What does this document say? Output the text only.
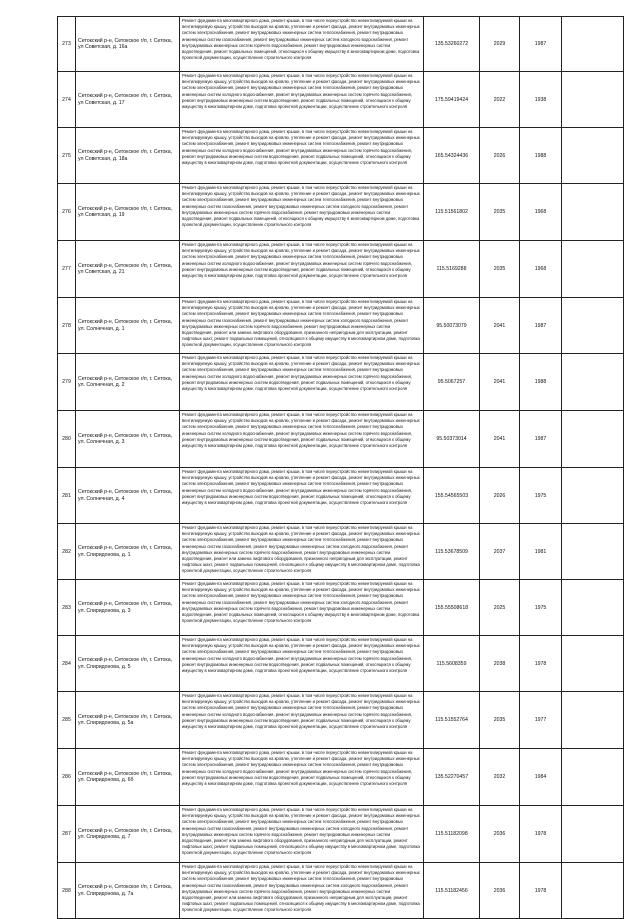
273	Сетокский р-н, Сетокское г/п, г. Сетока, ул Советская, д. 16а	Ремонт фундамента многоквартирного дома, ремонт крыши, в том числе переустройство невентилируемой крыши на вентилируемую крышу, устройство выходов на кровлю, утепление и ремонт фасада, ремонт внутридомовых инженерных систем электроснабжения, ремонт внутридомовых инженерных систем теплоснабжения, ремонт внутридомовых инженерных систем газоснабжения, ремонт внутридомовых инженерных систем холодного водоснабжения, ремонт внутридомовых инженерных систем горячего водоснабжения, ремонт внутридомовых инженерных систем водоотведения, ремонт подвальных помещений, относящихся к общему имуществу в многоквартирном доме, подготовка проектной документации, осуществление строительного контроля	135.53260272	2029	1987	
274	Сетокский р-н, Сетокское г/п, г. Сетока, ул Советская, д. 17	Ремонт фундамента многоквартирного дома, ремонт крыши, в том числе переустройство невентилируемой крыши на вентилируемую крышу, устройство выходов на кровлю, утепление и ремонт фасада, ремонт внутридомовых инженерных систем электроснабжения, ремонт внутридомовых инженерных систем теплоснабжения, ремонт внутридомовых инженерных систем холодного водоснабжения, ремонт внутридомовых инженерных систем горячего водоснабжения, ремонт внутридомовых инженерных систем водоотведения, ремонт подвальных помещений, относящихся к общему имуществу в многоквартирном доме, подготовка проектной документации, осуществление строительного контроля	175.59419424	2022	1938	
275	Сетокский р-н, Сетокское г/п, г. Сетока, ул Советская, д. 18а	Ремонт фундамента многоквартирного дома, ремонт крыши, в том числе переустройство невентилируемой крыши на вентилируемую крышу, устройство выходов на кровлю, утепление и ремонт фасада, ремонт внутридомовых инженерных систем электроснабжения, ремонт внутридомовых инженерных систем теплоснабжения, ремонт внутридомовых инженерных систем холодного водоснабжения, ремонт внутридомовых инженерных систем горячего водоснабжения, ремонт внутридомовых инженерных систем водоотведения, ремонт подвальных помещений, относящихся к общему имуществу в многоквартирном доме, подготовка проектной документации, осуществление строительного контроля	165.54324436	2026	1988	
276	Сетокский р-н, Сетокское г/п, г. Сетока, ул Советская, д. 19	Ремонт фундамента многоквартирного дома, ремонт крыши, в том числе переустройство невентилируемой крыши на вентилируемую крышу, устройство выходов на кровлю, утепление и ремонт фасада, ремонт внутридомовых инженерных систем электроснабжения, ремонт внутридомовых инженерных систем теплоснабжения, ремонт внутридомовых инженерных систем газоснабжения, ремонт внутридомовых инженерных систем холодного водоснабжения, ремонт внутридомовых инженерных систем горячего водоснабжения, ремонт внутридомовых инженерных систем водоотведения, ремонт подвальных помещений, относящихся к общему имуществу в многоквартирном доме, подготовка проектной документации, осуществление строительного контроля	115.51561802	2035	1968	
277	Сетокский р-н, Сетокское г/п, г. Сетока, ул Советская, д. 21	Ремонт фундамента многоквартирного дома, ремонт крыши, в том числе переустройство невентилируемой крыши на вентилируемую крышу, устройство выходов на кровлю, утепление и ремонт фасада, ремонт внутридомовых инженерных систем электроснабжения, ремонт внутридомовых инженерных систем теплоснабжения, ремонт внутридомовых инженерных систем холодного водоснабжения, ремонт внутридомовых инженерных систем горячего водоснабжения, ремонт внутридомовых инженерных систем водоотведения, ремонт подвальных помещений, относящихся к общему имуществу в многоквартирном доме, подготовка проектной документации, осуществление строительного контроля	115.5169288	2035	1968	
278	Сетокский р-н, Сетокское г/п, г. Сетока, ул. Солнечная, д. 1	Ремонт фундамента многоквартирного дома, ремонт крыши, в том числе переустройство невентилируемой крыши на вентилируемую крышу, устройство выходов на кровлю, утепление и ремонт фасада, ремонт внутридомовых инженерных систем электроснабжения, ремонт внутридомовых инженерных систем теплоснабжения, ремонт внутридомовых инженерных систем газоснабжения, ремонт внутридомовых инженерных систем холодного водоснабжения, ремонт внутридомовых инженерных систем горячего водоснабжения, ремонт внутридомовых инженерных систем водоотведения, ремонт или замена лифтового оборудования, признанного непригодным для эксплуатации, ремонт лифтовых шахт, ремонт подвальных помещений, относящихся к общему имуществу в многоквартирном доме, подготовка проектной документации, осуществление строительного контроля	95.50073079	2041	1987	
279	Сетокский р-н, Сетокское г/п, г. Сетока, ул. Солнечная, д. 2	Ремонт фундамента многоквартирного дома, ремонт крыши, в том числе переустройство невентилируемой крыши на вентилируемую крышу, устройство выходов на кровлю, утепление и ремонт фасада, ремонт внутридомовых инженерных систем электроснабжения, ремонт внутридомовых инженерных систем теплоснабжения, ремонт внутридомовых инженерных систем холодного водоснабжения, ремонт внутридомовых инженерных систем горячего водоснабжения, ремонт внутридомовых инженерных систем водоотведения, ремонт подвальных помещений, относящихся к общему имуществу в многоквартирном доме, подготовка проектной документации, осуществление строительного контроля	95.5067257	2041	1988	
280	Сетокский р-н, Сетокское г/п, г. Сетока, ул. Солнечная, д. 3	Ремонт фундамента многоквартирного дома, ремонт крыши, в том числе переустройство невентилируемой крыши на вентилируемую крышу, устройство выходов на кровлю, утепление и ремонт фасада, ремонт внутридомовых инженерных систем электроснабжения, ремонт внутридомовых инженерных систем теплоснабжения, ремонт внутридомовых инженерных систем холодного водоснабжения, ремонт внутридомовых инженерных систем горячего водоснабжения, ремонт внутридомовых инженерных систем водоотведения, ремонт подвальных помещений, относящихся к общему имуществу в многоквартирном доме, подготовка проектной документации, осуществление строительного контроля	95.50373014	2041	1987	
281	Сетокский р-н, Сетокское г/п, г. Сетока, ул. Солнечная, д. 4	Ремонт фундамента многоквартирного дома, ремонт крыши, в том числе переустройство невентилируемой крыши на вентилируемую крышу, устройство выходов на кровлю, утепление и ремонт фасада, ремонт внутридомовых инженерных систем электроснабжения, ремонт внутридомовых инженерных систем теплоснабжения, ремонт внутридомовых инженерных систем холодного водоснабжения, ремонт внутридомовых инженерных систем горячего водоснабжения, ремонт внутридомовых инженерных систем водоотведения, ремонт подвальных помещений, относящихся к общему имуществу в многоквартирном доме, подготовка проектной документации, осуществление строительного контроля	155.54565503	2026	1975	
282	Сетокский р-н, Сетокское г/п, г. Сетока, ул. Спиридонова, д. 1	Ремонт фундамента многоквартирного дома, ремонт крыши, в том числе переустройство невентилируемой крыши на вентилируемую крышу, устройство выходов на кровлю, утепление и ремонт фасада, ремонт внутридомовых инженерных систем электроснабжения, ремонт внутридомовых инженерных систем теплоснабжения, ремонт внутридомовых инженерных систем газоснабжения, ремонт внутридомовых инженерных систем холодного водоснабжения, ремонт внутридомовых инженерных систем горячего водоснабжения, ремонт внутридомовых инженерных систем водоотведения, ремонт или замена лифтового оборудования, признанного непригодным для эксплуатации, ремонт лифтовых шахт, ремонт подвальных помещений, относящихся к общему имуществу в многоквартирном доме, подготовка проектной документации, осуществление строительного контроля	115.53678509	2037	1981	
283	Сетокский р-н, Сетокское г/п, г. Сетока, ул. Спиридонова, д. 3	Ремонт фундамента многоквартирного дома, ремонт крыши, в том числе переустройство невентилируемой крыши на вентилируемую крышу, устройство выходов на кровлю, утепление и ремонт фасада, ремонт внутридомовых инженерных систем электроснабжения, ремонт внутридомовых инженерных систем теплоснабжения, ремонт внутридомовых инженерных систем газоснабжения, ремонт внутридомовых инженерных систем холодного водоснабжения, ремонт внутридомовых инженерных систем горячего водоснабжения, ремонт внутридомовых инженерных систем водоотведения, ремонт подвальных помещений, относящихся к общему имуществу в многоквартирном доме, подготовка проектной документации, осуществление строительного контроля	155.55508618	2025	1975	
284	Сетокский р-н, Сетокское г/п, г. Сетока, ул. Спиридонова, д. 5	Ремонт фундамента многоквартирного дома, ремонт крыши, в том числе переустройство невентилируемой крыши на вентилируемую крышу, устройство выходов на кровлю, утепление и ремонт фасада, ремонт внутридомовых инженерных систем электроснабжения, ремонт внутридомовых инженерных систем теплоснабжения, ремонт внутридомовых инженерных систем холодного водоснабжения, ремонт внутридомовых инженерных систем горячего водоснабжения, ремонт внутридомовых инженерных систем водоотведения, ремонт подвальных помещений, относящихся к общему имуществу в многоквартирном доме, подготовка проектной документации, осуществление строительного контроля	115.5608359	2038	1978	
285	Сетокский р-н, Сетокское г/п, г. Сетока, ул. Спиридонова, д. 5а	Ремонт фундамента многоквартирного дома, ремонт крыши, в том числе переустройство невентилируемой крыши на вентилируемую крышу, устройство выходов на кровлю, утепление и ремонт фасада, ремонт внутридомовых инженерных систем электроснабжения, ремонт внутридомовых инженерных систем теплоснабжения, ремонт внутридомовых инженерных систем холодного водоснабжения, ремонт внутридомовых инженерных систем горячего водоснабжения, ремонт внутридомовых инженерных систем водоотведения, ремонт подвальных помещений, относящихся к общему имуществу в многоквартирном доме, подготовка проектной документации, осуществление строительного контроля	115.51552764	2035	1977	
286	Сетокский р-н, Сетокское г/п, г. Сетока, ул. Спиридонова, д. 6б	Ремонт фундамента многоквартирного дома, ремонт крыши, в том числе переустройство невентилируемой крыши на вентилируемую крышу, устройство выходов на кровлю, утепление и ремонт фасада, ремонт внутридомовых инженерных систем электроснабжения, ремонт внутридомовых инженерных систем теплоснабжения, ремонт внутридомовых инженерных систем холодного водоснабжения, ремонт внутридомовых инженерных систем горячего водоснабжения, ремонт внутридомовых инженерных систем водоотведения, ремонт подвальных помещений, относящихся к общему имуществу в многоквартирном доме, подготовка проектной документации, осуществление строительного контроля	135.52270457	2032	1984	
287	Сетокский р-н, Сетокское г/п, г. Сетока, ул. Спиридонова, д. 7	Ремонт фундамента многоквартирного дома, ремонт крыши, в том числе переустройство невентилируемой крыши на вентилируемую крышу, устройство выходов на кровлю, утепление и ремонт фасада, ремонт внутридомовых инженерных систем электроснабжения, ремонт внутридомовых инженерных систем теплоснабжения, ремонт внутридомовых инженерных систем газоснабжения, ремонт внутридомовых инженерных систем холодного водоснабжения, ремонт внутридомовых инженерных систем горячего водоснабжения, ремонт внутридомовых инженерных систем водоотведения, ремонт или замена лифтового оборудования, признанного непригодным для эксплуатации, ремонт лифтовых шахт, ремонт подвальных помещений, относящихся к общему имуществу в многоквартирном доме, подготовка проектной документации, осуществление строительного контроля	115.51182098	2036	1978	
288	Сетокский р-н, Сетокское г/п, г. Сетока, ул. Спиридонова, д. 7а	Ремонт фундамента многоквартирного дома, ремонт крыши, в том числе переустройство невентилируемой крыши на вентилируемую крышу, устройство выходов на кровлю, утепление и ремонт фасада, ремонт внутридомовых инженерных систем электроснабжения, ремонт внутридомовых инженерных систем теплоснабжения, ремонт внутридомовых инженерных систем газоснабжения, ремонт внутридомовых инженерных систем холодного водоснабжения, ремонт внутридомовых инженерных систем горячего водоснабжения, ремонт внутридомовых инженерных систем водоотведения, ремонт или замена лифтового оборудования, признанного непригодным для эксплуатации, ремонт лифтовых шахт, ремонт подвальных помещений, относящихся к общему имуществу в многоквартирном доме, подготовка проектной документации, осуществление строительного контроля	115.51182456	2036	1978	
